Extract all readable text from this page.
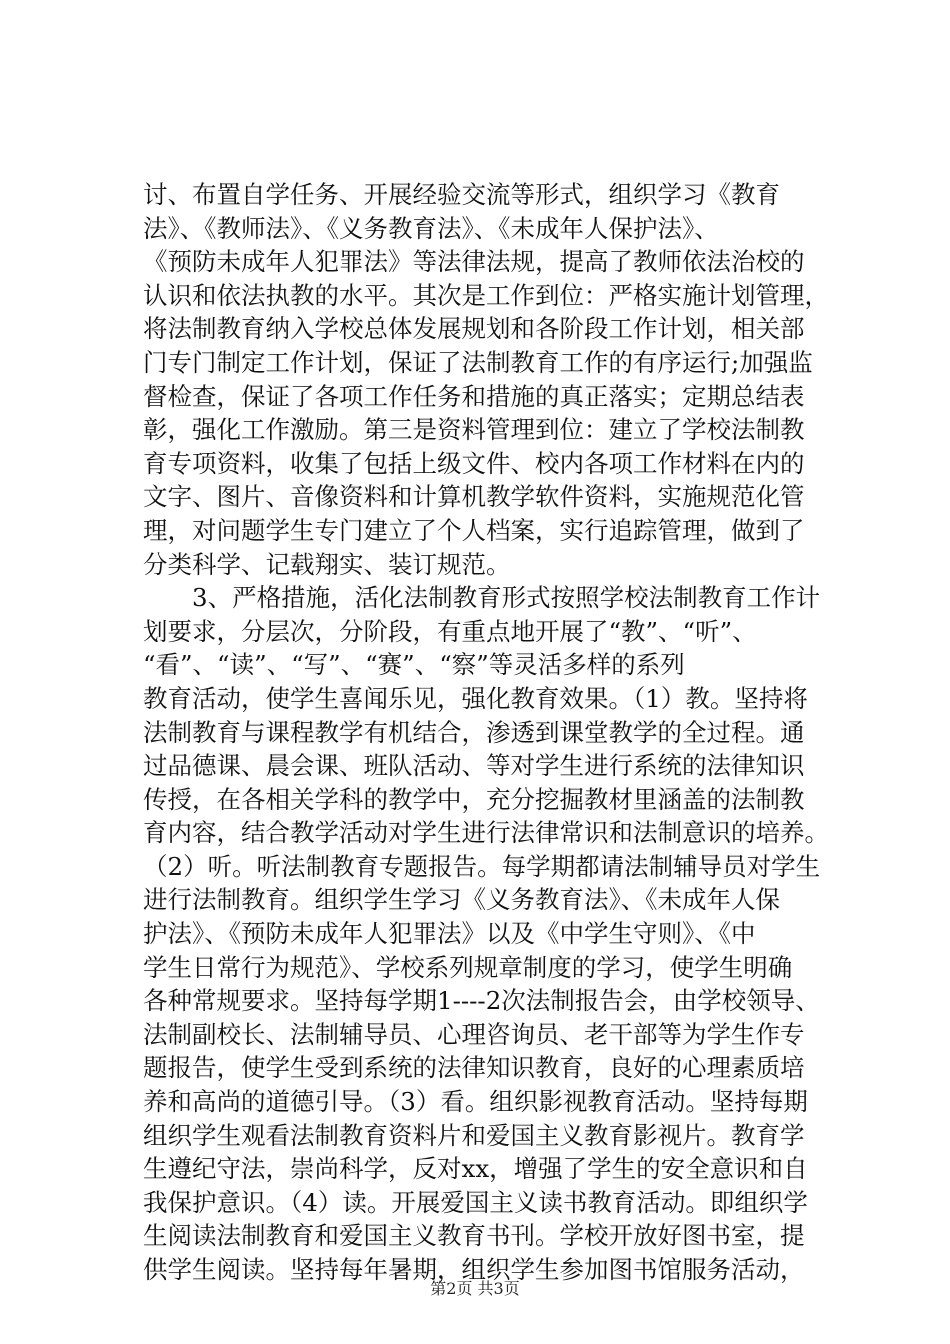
讨、布置自学任务、开展经验交流等形式，组织学习《教育
法》、《教师法》、《义务教育法》、《未成年人保护法》、
《预防未成年人犯罪法》等法律法规，提高了教师依法治校的
认识和依法执教的水平。其次是工作到位：严格实施计划管理，
将法制教育纳入学校总体发展规划和各阶段工作计划，相关部
门专门制定工作计划，保证了法制教育工作的有序运行;加强监
督检查，保证了各项工作任务和措施的真正落实；定期总结表
彰，强化工作激励。第三是资料管理到位：建立了学校法制教
育专项资料，收集了包括上级文件、校内各项工作材料在内的
文字、图片、音像资料和计算机教学软件资料，实施规范化管
理，对问题学生专门建立了个人档案，实行追踪管理，做到了
分类科学、记载翔实、装订规范。
　　3、严格措施，活化法制教育形式按照学校法制教育工作计
划要求，分层次，分阶段，有重点地开展了“教”、“听”、
“看”、“读”、“写”、“赛”、“察”等灵活多样的系列
教育活动，使学生喜闻乐见，强化教育效果。（1）教。坚持将
法制教育与课程教学有机结合，渗透到课堂教学的全过程。通
过品德课、晨会课、班队活动、等对学生进行系统的法律知识
传授，在各相关学科的教学中，充分挖掘教材里涵盖的法制教
育内容，结合教学活动对学生进行法律常识和法制意识的培养。
（2）听。听法制教育专题报告。每学期都请法制辅导员对学生
进行法制教育。组织学生学习《义务教育法》、《未成年人保
护法》、《预防未成年人犯罪法》以及《中学生守则》、《中
学生日常行为规范》、学校系列规章制度的学习，使学生明确
各种常规要求。坚持每学期1----2次法制报告会，由学校领导、
法制副校长、法制辅导员、心理咨询员、老干部等为学生作专
题报告，使学生受到系统的法律知识教育，良好的心理素质培
养和高尚的道德引导。（3）看。组织影视教育活动。坚持每期
组织学生观看法制教育资料片和爱国主义教育影视片。教育学
生遵纪守法，崇尚科学，反对xx，增强了学生的安全意识和自
我保护意识。（4）读。开展爱国主义读书教育活动。即组织学
生阅读法制教育和爱国主义教育书刊。学校开放好图书室，提
供学生阅读。坚持每年暑期，组织学生参加图书馆服务活动，
第2页 共3页
